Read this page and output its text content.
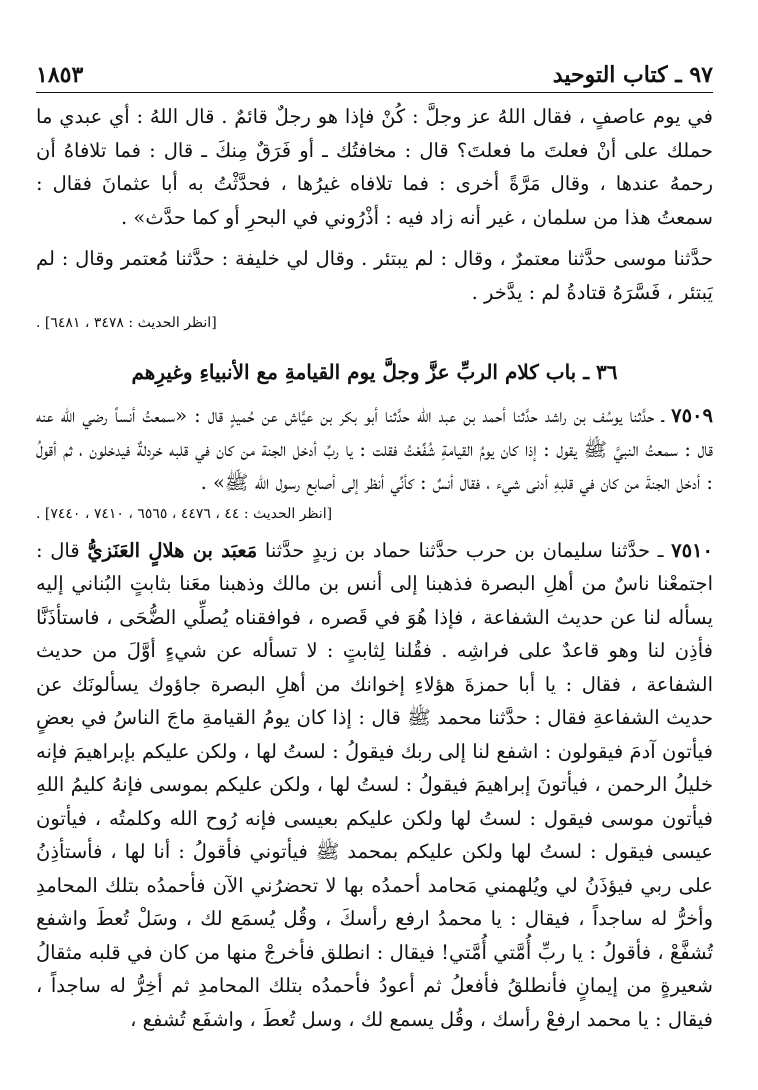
٩٧ ـ كتاب التوحيد
١٨٥٣

في يوم عاصفٍ ، فقال اللهُ عز وجلَّ : كُنْ فإذا هو رجلٌ قائمٌ . قال اللهُ : أي عبدي ما حملك على أنْ فعلتَ ما فعلتَ؟ قال : مخافتُك ـ أو فَرَقٌ مِنكَ ـ قال : فما تلافاهُ أن رحمهُ عندها ، وقال مَرَّةً أخرى : فما تلافاه غيرُها ، فحدَّثْتُ به أبا عثمانَ فقال : سمعتُ هذا من سلمان ، غير أنه زاد فيه : أذْرُوني في البحرِ أو كما حدَّث» .

حدَّثنا موسى حدَّثنا معتمرٌ ، وقال : لم يبتئر . وقال لي خليفة : حدَّثنا مُعتمر وقال : لم يَبتئر ، فَسَّرَهُ قتادةُ لم : يدَّخر .

[انظر الحديث : ٣٤٧٨ ، ٦٤٨١] .

٣٦ ـ باب كلام الربِّ عزَّ وجلَّ يوم القيامةِ مع الأنبياءِ وغيرِهم

٧٥٠٩ ـ حدَّثنا يوسُف بن راشد حدَّثنا أحمد بن عبد الله حدَّثنا أبو بكر بن عيَّاش عن حُميدٍ قال : «سمعتُ أنساً رضي الله عنه قال : سمعتُ النبيَّ ﷺ يقول : إذا كان يومُ القيامةِ شُفِّعْتُ فقلت : يا ربِّ أدخل الجنة من كان في قلبه خردلةٌ فيدخلون ، ثم أقولُ : أدخل الجنةَ من كان في قلبهِ أدنى شيء ، فقال أنسٌ : كأنِّي أنظر إلى أصابع رسول الله ﷺ» .

[انظر الحديث : ٤٤ ، ٤٤٧٦ ، ٦٥٦٥ ، ٧٤١٠ ، ٧٤٤٠] .

٧٥١٠ ـ حدَّثنا سليمان بن حرب حدَّثنا حماد بن زيدٍ حدَّثنا مَعبَد بن هلالٍ العَنَزيُّ قال : اجتمعْنا ناسٌ من أهلِ البصرة فذهبنا إلى أنس بن مالك وذهبنا معَنا بثابتٍ البُناني إليه يسأله لنا عن حديث الشفاعة ، فإذا هُوَ في قَصره ، فوافقناه يُصلِّي الضُّحَى ، فاستأذَنَّا فأذِن لنا وهو قاعدٌ على فراشِه . فقُلنا لِثابتٍ : لا تسأله عن شيءٍ أوَّلَ من حديث الشفاعة ، فقال : يا أبا حمزةَ هؤلاءِ إخوانك من أهلِ البصرة جاؤوك يسألونَك عن حديث الشفاعةِ فقال : حدَّثنا محمد ﷺ قال : إذا كان يومُ القيامةِ ماجَ الناسُ في بعضٍ فيأتون آدمَ فيقولون : اشفع لنا إلى ربك فيقولُ : لستُ لها ، ولكن عليكم بإبراهيمَ فإنه خليلُ الرحمن ، فيأتونَ إبراهيمَ فيقولُ : لستُ لها ، ولكن عليكم بموسى فإنهُ كليمُ اللهِ فيأتون موسى فيقول : لستُ لها ولكن عليكم بعيسى فإنه رُوح الله وكلمتُه ، فيأتون عيسى فيقول : لستُ لها ولكن عليكم بمحمد ﷺ فيأتوني فأقولُ : أنا لها ، فأستأذِنُ على ربي فيؤذَنُ لي ويُلهمني مَحامد أحمدُه بها لا تحضرُني الآن فأحمدُه بتلك المحامدِ وأخرُّ له ساجداً ، فيقال : يا محمدُ ارفع رأسكَ ، وقُل يُسمَع لك ، وسَلْ تُعطَ واشفع تُشفَّعْ ، فأقولُ : يا ربِّ أُمَّتي أُمَّتي! فيقال : انطلق فأخرجْ منها من كان في قلبه مثقالُ شعيرةٍ من إيمانٍ فأنطلقُ فأفعلُ ثم أعودُ فأحمدُه بتلك المحامدِ ثم أخِرُّ له ساجداً ، فيقال : يا محمد ارفعْ رأسك ، وقُل يسمع لك ، وسل تُعطَ ، واشفَع تُشفع ،
